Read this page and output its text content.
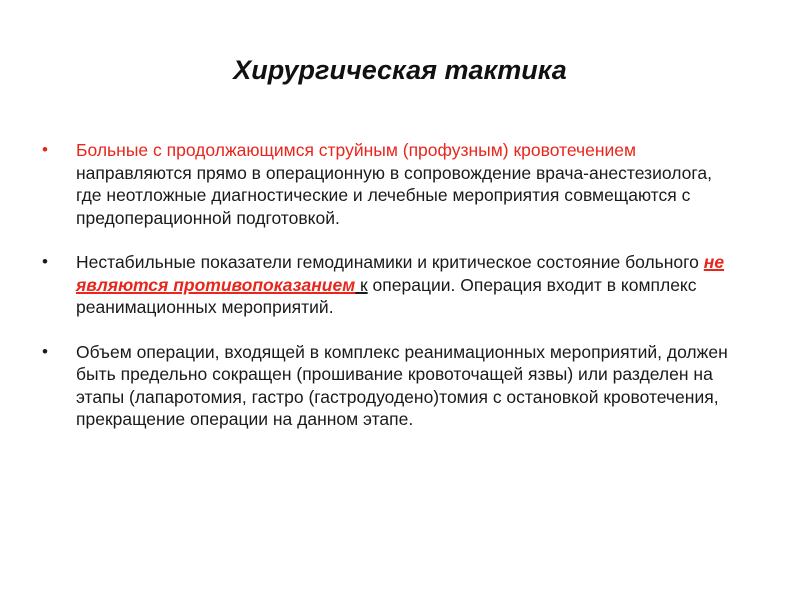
Хирургическая тактика
•	Больные с продолжающимся струйным (профузным) кровотечением направляются прямо в операционную в сопровождение врача-анестезиолога, где неотложные диагностические и лечебные мероприятия совмещаются с предоперационной подготовкой.
•	Нестабильные показатели гемодинамики и критическое состояние больного не являются противопоказанием к операции. Операция входит в комплекс реанимационных мероприятий.
•	Объем операции, входящей в комплекс реанимационных мероприятий, должен быть предельно сокращен (прошивание кровоточащей язвы) или разделен на этапы (лапаротомия, гастро (гастродуодено)томия с остановкой кровотечения, прекращение операции на данном этапе.
